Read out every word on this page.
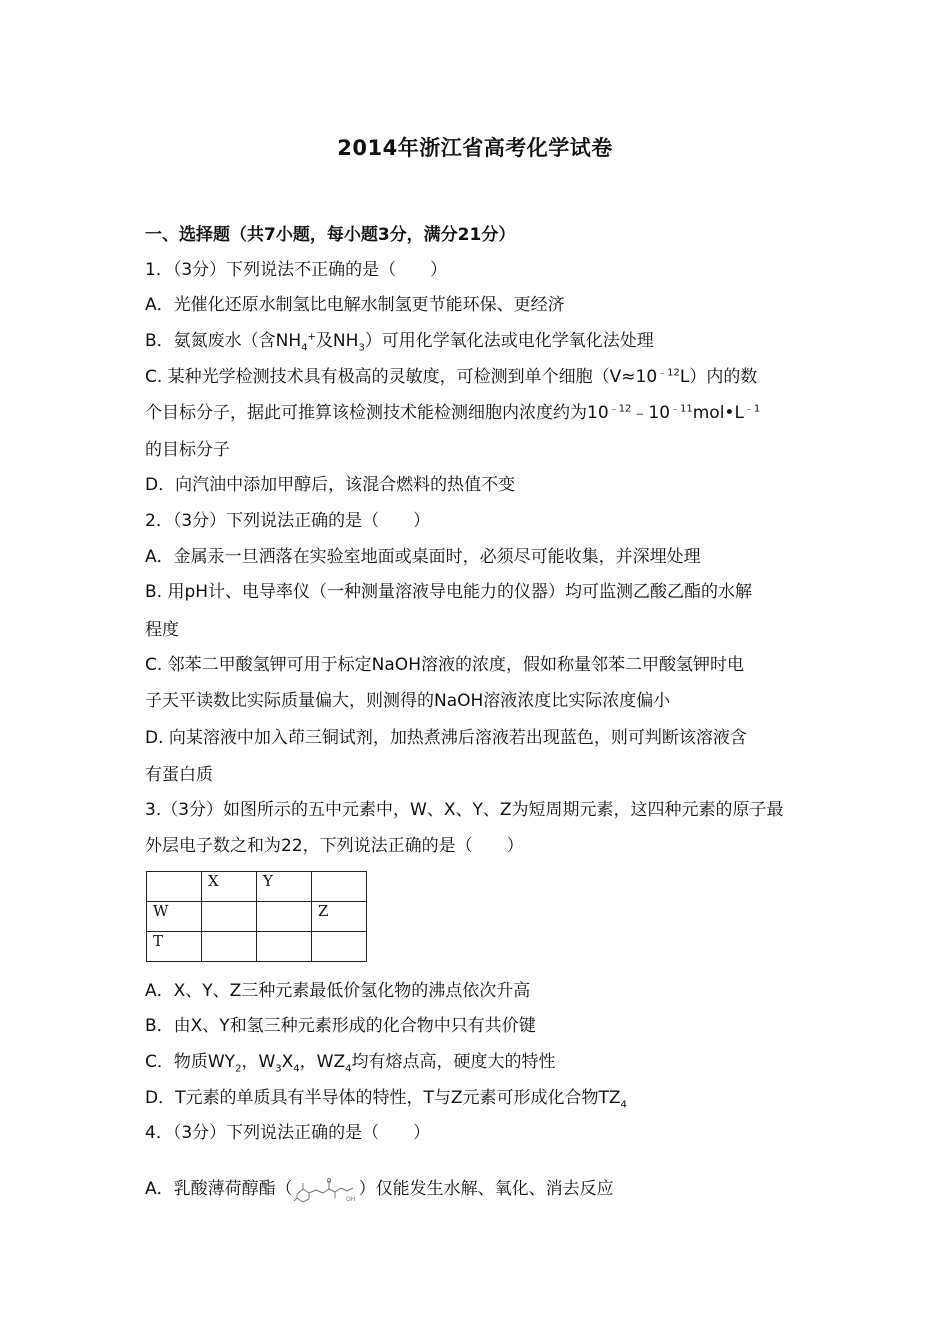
2014年浙江省高考化学试卷
一、选择题（共7小题，每小题3分，满分21分）
1．（3分）下列说法不正确的是（　　）
A．光催化还原水制氢比电解水制氢更节能环保、更经济
B．氨氮废水（含$NH_4^+$及$NH_3$）可用化学氧化法或电化学氧化法处理
C. 某种光学检测技术具有极高的灵敏度，可检测到单个细胞$(V\approx 10^{﹣12}L)$内的数
个目标分子，据此可推算该检测技术能检测细胞内浓度约为$10^{﹣12}﹣10^{﹣11}mol•L^{﹣1}$
的目标分子
D．向汽油中添加甲醇后，该混合燃料的热值不变
2．（3分）下列说法正确的是（　　）
A．金属汞一旦洒落在实验室地面或桌面时，必须尽可能收集，并深埋处理
B. 用pH计、电导率仪（一种测量溶液导电能力的仪器）均可监测乙酸乙酯的水解
程度
C. 邻苯二甲酸氢钾可用于标定NaOH溶液的浓度，假如称量邻苯二甲酸氢钾时电
子天平读数比实际质量偏大，则测得的NaOH溶液浓度比实际浓度偏小
D. 向某溶液中加入茚三铜试剂，加热煮沸后溶液若出现蓝色，则可判断该溶液含
有蛋白质
3.（3分）如图所示的五中元素中，W、X、Y、Z为短周期元素，这四种元素的原子最
外层电子数之和为22，下列说法正确的是（　　）
	X	Y	
W			Z
T			
A．X、Y、Z三种元素最低价氢化物的沸点依次升高
B．由X、Y和氢三种元素形成的化合物中只有共价键
C．物质$WY_2$，$W_3X_4$，$WZ_4$均有熔点高，硬度大的特性
D．T元素的单质具有半导体的特性，T与Z元素可形成化合物$TZ_4$
4．（3分）下列说法正确的是（　　）
A．乳酸薄荷醇酯（
OH
）仅能发生水解、氧化、消去反应
